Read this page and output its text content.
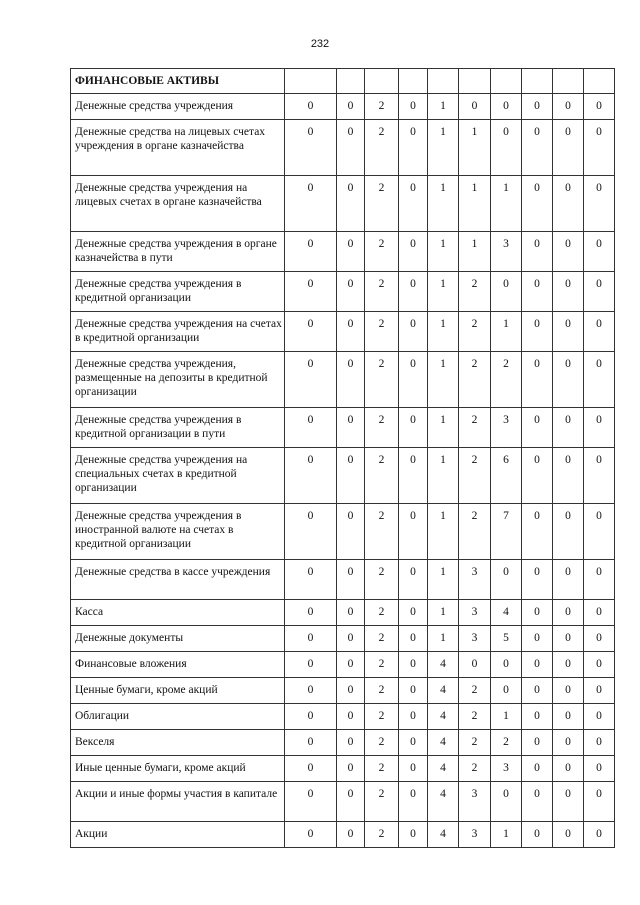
232
ФИНАНСОВЫЕ АКТИВЫ										
Денежные средства учреждения	0	0	2	0	1	0	0	0	0	0
Денежные средства на лицевых счетах учреждения в органе казначейства	0	0	2	0	1	1	0	0	0	0
Денежные средства учреждения на лицевых счетах в органе казначейства	0	0	2	0	1	1	1	0	0	0
Денежные средства учреждения в органе казначейства в пути	0	0	2	0	1	1	3	0	0	0
Денежные средства учреждения в кредитной организации	0	0	2	0	1	2	0	0	0	0
Денежные средства учреждения на счетах в кредитной организации	0	0	2	0	1	2	1	0	0	0
Денежные средства учреждения, размещенные на депозиты в кредитной организации	0	0	2	0	1	2	2	0	0	0
Денежные средства учреждения в кредитной организации в пути	0	0	2	0	1	2	3	0	0	0
Денежные средства учреждения на специальных счетах в кредитной организации	0	0	2	0	1	2	6	0	0	0
Денежные средства учреждения в иностранной валюте на счетах в кредитной организации	0	0	2	0	1	2	7	0	0	0
Денежные средства в кассе учреждения	0	0	2	0	1	3	0	0	0	0
Касса	0	0	2	0	1	3	4	0	0	0
Денежные документы	0	0	2	0	1	3	5	0	0	0
Финансовые вложения	0	0	2	0	4	0	0	0	0	0
Ценные бумаги, кроме акций	0	0	2	0	4	2	0	0	0	0
Облигации	0	0	2	0	4	2	1	0	0	0
Векселя	0	0	2	0	4	2	2	0	0	0
Иные ценные бумаги, кроме акций	0	0	2	0	4	2	3	0	0	0
Акции и иные формы участия в капитале	0	0	2	0	4	3	0	0	0	0
Акции	0	0	2	0	4	3	1	0	0	0
